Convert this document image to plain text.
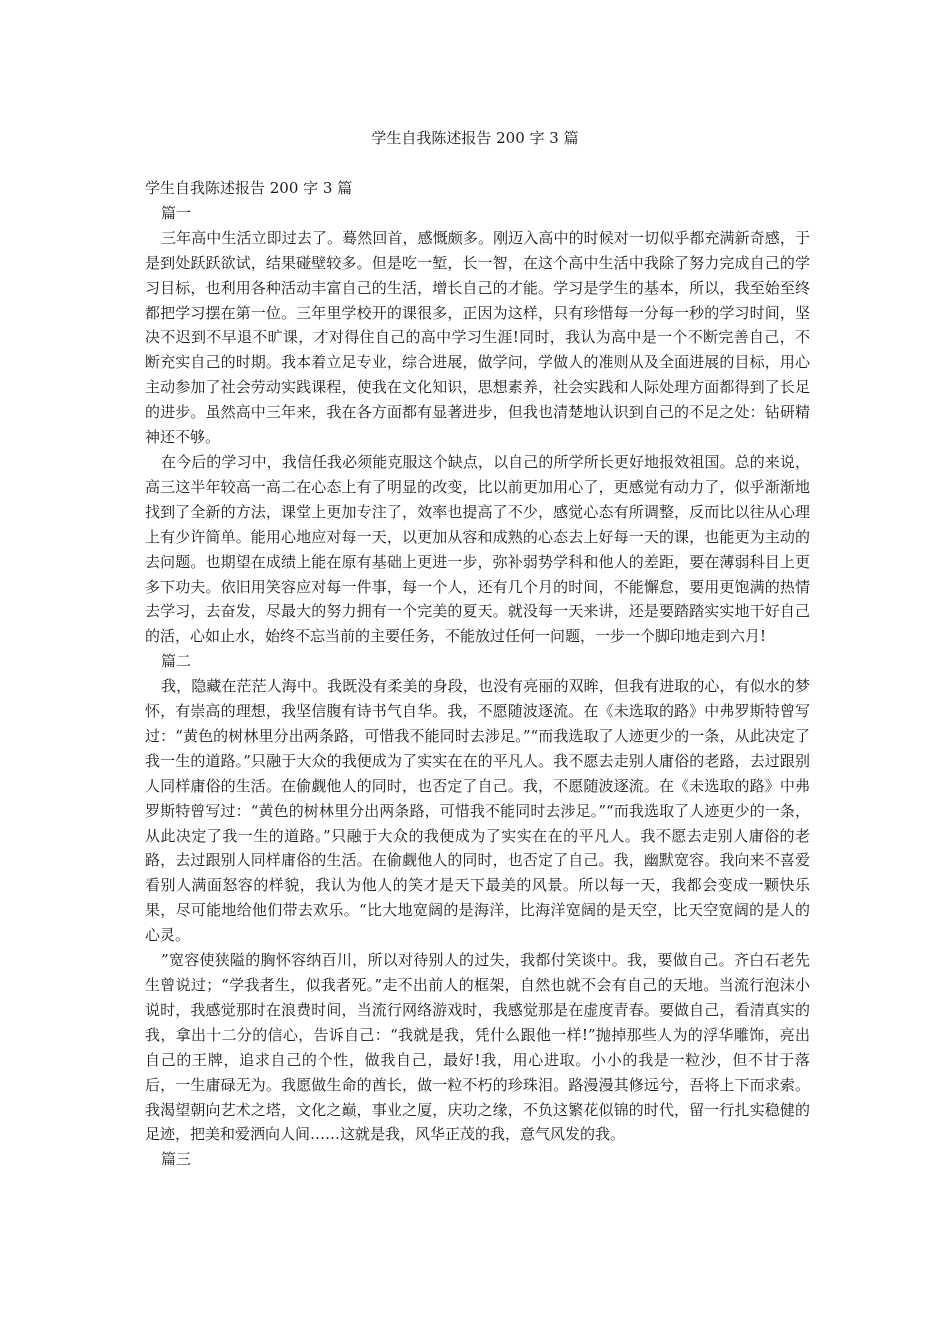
学生自我陈述报告 200 字 3 篇

学生自我陈述报告 200 字 3 篇

篇一

三年高中生活立即过去了。蓦然回首，感慨颇多。刚迈入高中的时候对一切似乎都充满新奇感，于是到处跃跃欲试，结果碰壁较多。但是吃一堑，长一智，在这个高中生活中我除了努力完成自己的学习目标，也利用各种活动丰富自己的生活，增长自己的才能。学习是学生的基本，所以，我至始至终都把学习摆在第一位。三年里学校开的课很多，正因为这样，只有珍惜每一分每一秒的学习时间，坚决不迟到不早退不旷课，才对得住自己的高中学习生涯!同时，我认为高中是一个不断完善自己，不断充实自己的时期。我本着立足专业，综合进展，做学问，学做人的准则从及全面进展的目标，用心主动参加了社会劳动实践课程，使我在文化知识，思想素养，社会实践和人际处理方面都得到了长足的进步。虽然高中三年来，我在各方面都有显著进步，但我也清楚地认识到自己的不足之处：钻研精神还不够。

在今后的学习中，我信任我必须能克服这个缺点，以自己的所学所长更好地报效祖国。总的来说，高三这半年较高一高二在心态上有了明显的改变，比以前更加用心了，更感觉有动力了，似乎渐渐地找到了全新的方法，课堂上更加专注了，效率也提高了不少，感觉心态有所调整，反而比以往从心理上有少许简单。能用心地应对每一天，以更加从容和成熟的心态去上好每一天的课，也能更为主动的去问题。也期望在成绩上能在原有基础上更进一步，弥补弱势学科和他人的差距，要在薄弱科目上更多下功夫。依旧用笑容应对每一件事，每一个人，还有几个月的时间，不能懈怠，要用更饱满的热情去学习，去奋发，尽最大的努力拥有一个完美的夏天。就没每一天来讲，还是要踏踏实实地干好自己的活，心如止水，始终不忘当前的主要任务，不能放过任何一问题，一步一个脚印地走到六月!

篇二

我，隐藏在茫茫人海中。我既没有柔美的身段，也没有亮丽的双眸，但我有进取的心，有似水的梦怀，有崇高的理想，我坚信腹有诗书气自华。我，不愿随波逐流。在《未选取的路》中弗罗斯特曾写过：“黄色的树林里分出两条路，可惜我不能同时去涉足。”“而我选取了人迹更少的一条，从此决定了我一生的道路。”只融于大众的我便成为了实实在在的平凡人。我不愿去走别人庸俗的老路，去过跟别人同样庸俗的生活。在偷觑他人的同时，也否定了自己。我，不愿随波逐流。在《未选取的路》中弗罗斯特曾写过：“黄色的树林里分出两条路，可惜我不能同时去涉足。”“而我选取了人迹更少的一条，从此决定了我一生的道路。”只融于大众的我便成为了实实在在的平凡人。我不愿去走别人庸俗的老路，去过跟别人同样庸俗的生活。在偷觑他人的同时，也否定了自己。我，幽默宽容。我向来不喜爱看别人满面怒容的样貌，我认为他人的笑才是天下最美的风景。所以每一天，我都会变成一颗快乐果，尽可能地给他们带去欢乐。“比大地宽阔的是海洋，比海洋宽阔的是天空，比天空宽阔的是人的心灵。

”宽容使狭隘的胸怀容纳百川，所以对待别人的过失，我都付笑谈中。我，要做自己。齐白石老先生曾说过；“学我者生，似我者死。”走不出前人的框架，自然也就不会有自己的天地。当流行泡沫小说时，我感觉那时在浪费时间，当流行网络游戏时，我感觉那是在虚度青春。要做自己，看清真实的我，拿出十二分的信心，告诉自己：“我就是我，凭什么跟他一样!”抛掉那些人为的浮华雕饰，亮出自己的王牌，追求自己的个性，做我自己，最好!我，用心进取。小小的我是一粒沙，但不甘于落后，一生庸碌无为。我愿做生命的酋长，做一粒不朽的珍珠泪。路漫漫其修远兮，吾将上下而求索。我渴望朝向艺术之塔，文化之巅，事业之厦，庆功之缘，不负这繁花似锦的时代，留一行扎实稳健的足迹，把美和爱洒向人间……这就是我，风华正茂的我，意气风发的我。

篇三
